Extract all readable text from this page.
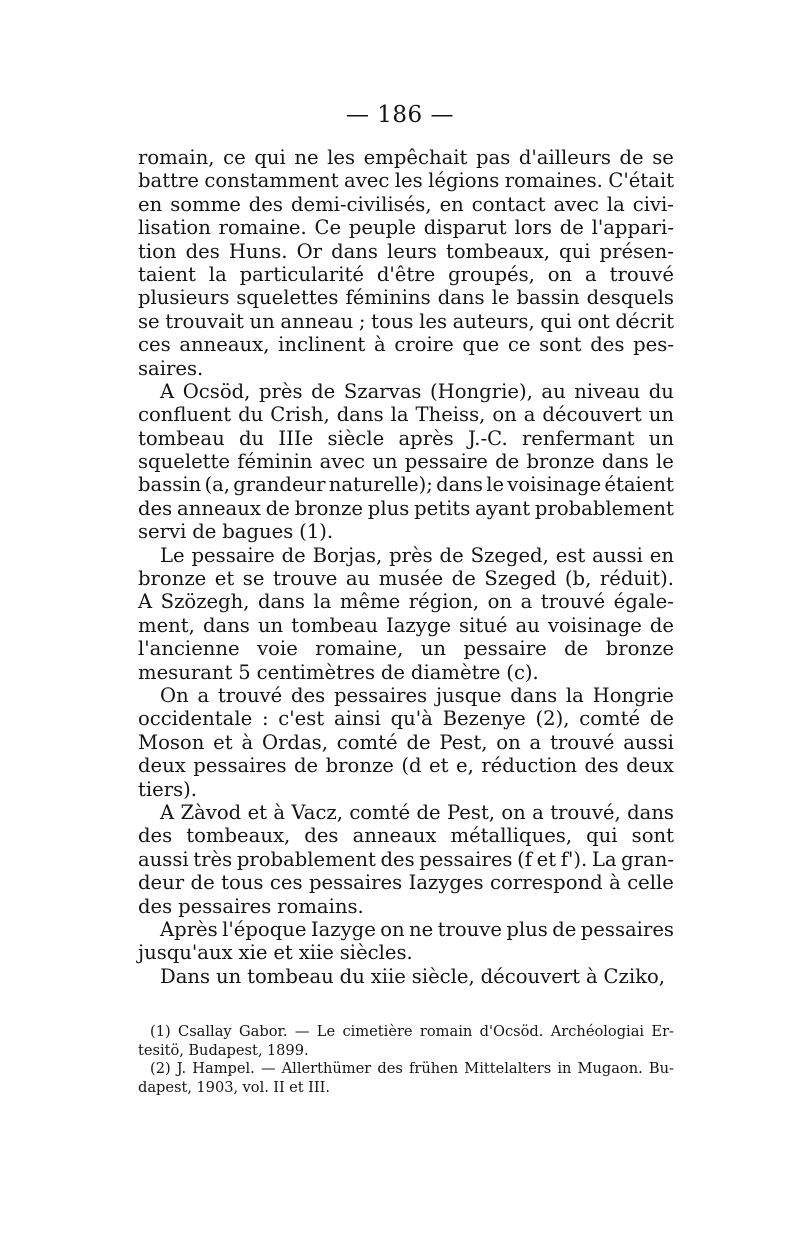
— 186 —
romain, ce qui ne les empêchait pas d'ailleurs de se
battre constamment avec les légions romaines. C'était
en somme des demi-civilisés, en contact avec la civi-
lisation romaine. Ce peuple disparut lors de l'appari-
tion des Huns. Or dans leurs tombeaux, qui présen-
taient la particularité d'être groupés, on a trouvé
plusieurs squelettes féminins dans le bassin desquels
se trouvait un anneau ; tous les auteurs, qui ont décrit
ces anneaux, inclinent à croire que ce sont des pes-
saires.
A Ocsöd, près de Szarvas (Hongrie), au niveau du
confluent du Crish, dans la Theiss, on a découvert un
tombeau du IIIe siècle après J.-C. renfermant un
squelette féminin avec un pessaire de bronze dans le
bassin (a, grandeur naturelle); dans le voisinage étaient
des anneaux de bronze plus petits ayant probablement
servi de bagues (1).
Le pessaire de Borjas, près de Szeged, est aussi en
bronze et se trouve au musée de Szeged (b, réduit).
A Szözegh, dans la même région, on a trouvé égale-
ment, dans un tombeau Iazyge situé au voisinage de
l'ancienne voie romaine, un pessaire de bronze
mesurant 5 centimètres de diamètre (c).
On a trouvé des pessaires jusque dans la Hongrie
occidentale : c'est ainsi qu'à Bezenye (2), comté de
Moson et à Ordas, comté de Pest, on a trouvé aussi
deux pessaires de bronze (d et e, réduction des deux
tiers).
A Zàvod et à Vacz, comté de Pest, on a trouvé, dans
des tombeaux, des anneaux métalliques, qui sont
aussi très probablement des pessaires (f et f'). La gran-
deur de tous ces pessaires Iazyges correspond à celle
des pessaires romains.
Après l'époque Iazyge on ne trouve plus de pessaires
jusqu'aux xie et xiie siècles.
Dans un tombeau du xiie siècle, découvert à Cziko,
(1) Csallay Gabor. — Le cimetière romain d'Ocsöd. Archéologiai Er-
tesitö, Budapest, 1899.
(2) J. Hampel. — Allerthümer des frühen Mittelalters in Mugaon. Bu-
dapest, 1903, vol. II et III.
